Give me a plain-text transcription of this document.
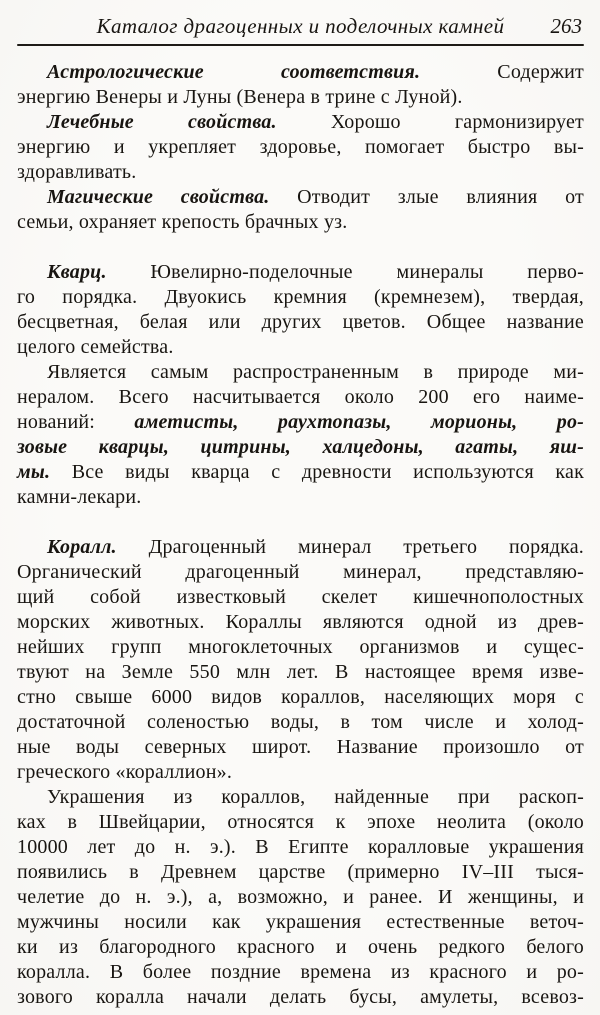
Каталог драгоценных и поделочных камней	263
Астрологические соответствия. Содержит
энергию Венеры и Луны (Венера в трине с Луной).
Лечебные свойства. Хорошо гармонизирует
энергию и укрепляет здоровье, помогает быстро вы-
здоравливать.
Магические свойства. Отводит злые влияния от
семьи, охраняет крепость брачных уз.
Кварц. Ювелирно-поделочные минералы перво-
го порядка. Двуокись кремния (кремнезем), твердая,
бесцветная, белая или других цветов. Общее название
целого семейства.
Является самым распространенным в природе ми-
нералом. Всего насчитывается около 200 его наиме-
нований: аметисты, раухтопазы, морионы, ро-
зовые кварцы, цитрины, халцедоны, агаты, яш-
мы. Все виды кварца с древности используются как
камни-лекари.
Коралл. Драгоценный минерал третьего порядка.
Органический драгоценный минерал, представляю-
щий собой известковый скелет кишечнополостных
морских животных. Кораллы являются одной из древ-
нейших групп многоклеточных организмов и сущес-
твуют на Земле 550 млн лет. В настоящее время изве-
стно свыше 6000 видов кораллов, населяющих моря с
достаточной соленостью воды, в том числе и холод-
ные воды северных широт. Название произошло от
греческого «кораллион».
Украшения из кораллов, найденные при раскоп-
ках в Швейцарии, относятся к эпохе неолита (около
10000 лет до н. э.). В Египте коралловые украшения
появились в Древнем царстве (примерно IV–III тыся-
челетие до н. э.), а, возможно, и ранее. И женщины, и
мужчины носили как украшения естественные веточ-
ки из благородного красного и очень редкого белого
коралла. В более поздние времена из красного и ро-
зового коралла начали делать бусы, амулеты, всевоз-
